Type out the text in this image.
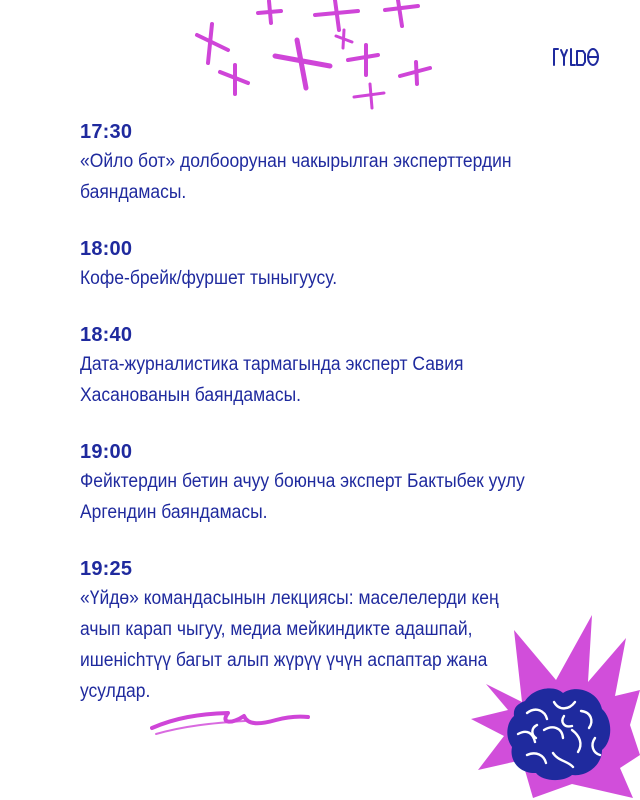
17:30
«Ойло бот» долбоорунан чакырылган эксперттердин
баяндамасы.
18:00
Кофе-брейк/фуршет тыныгуусу.
18:40
Дата-журналистика тармагында эксперт Савия
Хасанованын баяндамасы.
19:00
Фейктердин бетин ачуу боюнча эксперт Бактыбек уулу
Аргендин баяндамасы.
19:25
«Үйдө» командасынын лекциясы: маселелерди кең
ачып карап чыгуу, медиа мейкиндикте адашпай,
ишенichтүү багыт алып жүрүү үчүн аспаптар жана
усулдар.
